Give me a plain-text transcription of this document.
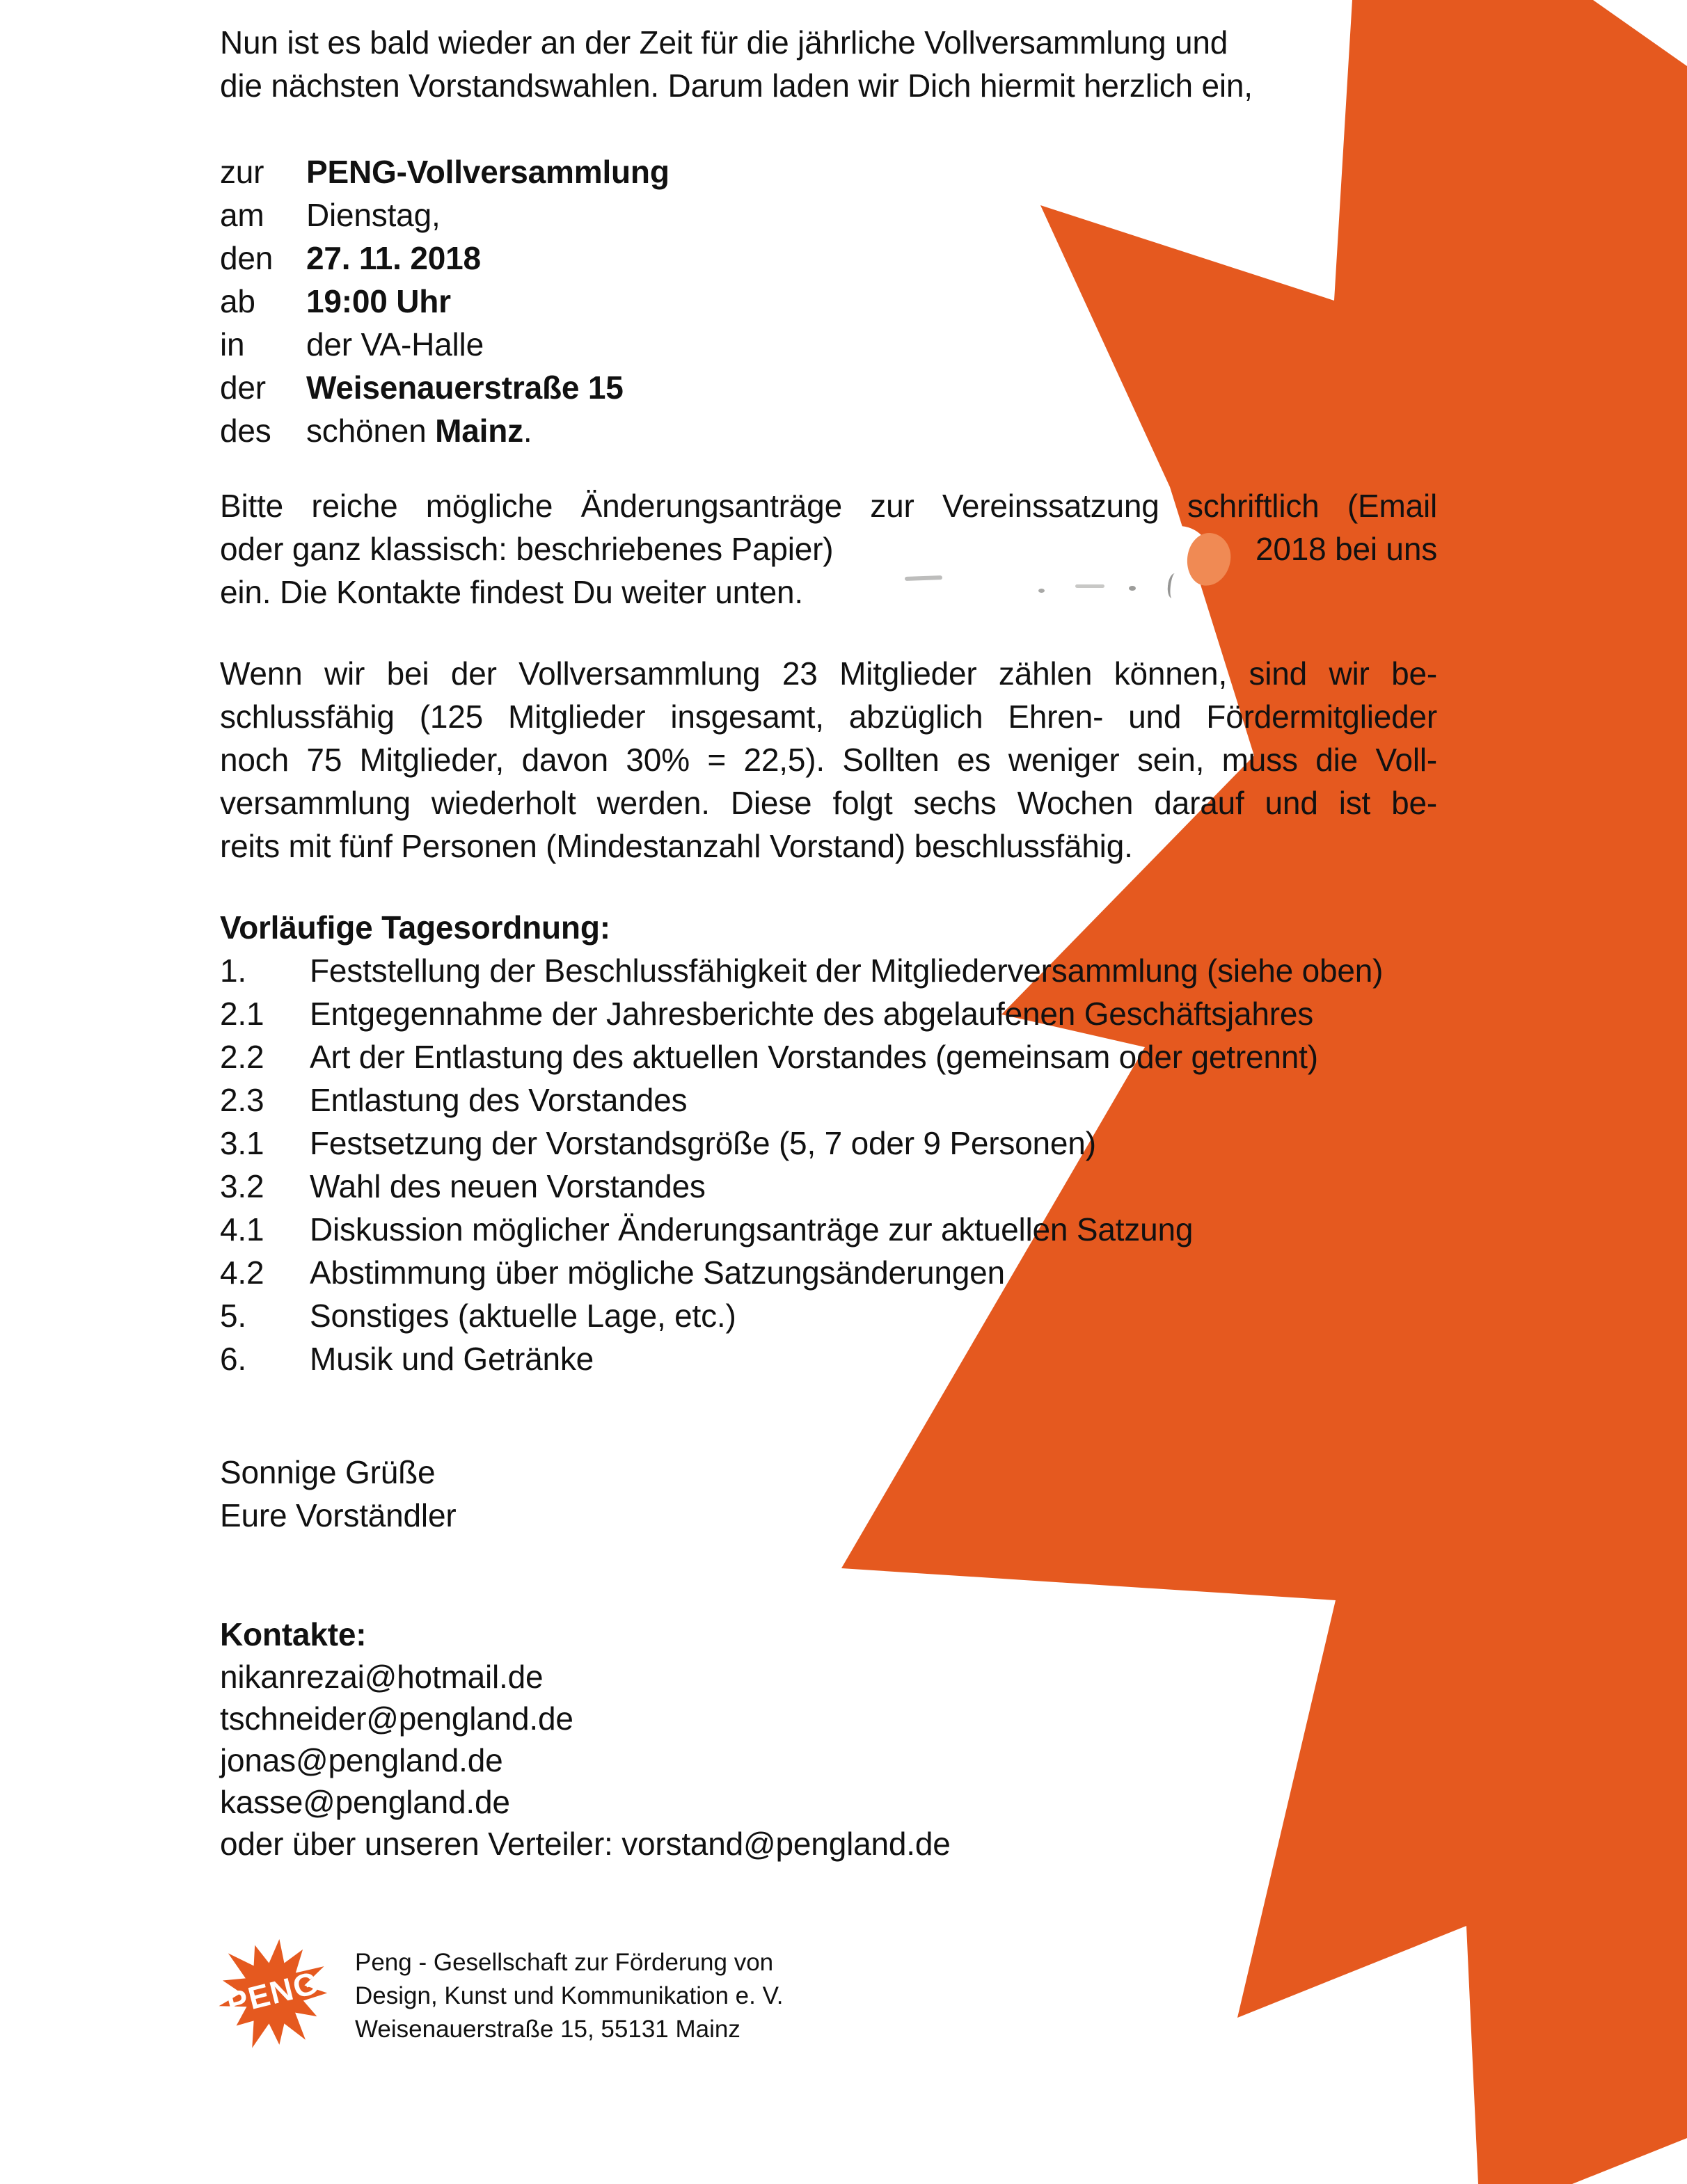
Nun ist es bald wieder an der Zeit für die jährliche Vollversammlung und
die nächsten Vorstandswahlen. Darum laden wir Dich hiermit herzlich ein,
zur	PENG-Vollversammlung
am	Dienstag,
den	27. 11. 2018
ab	19:00 Uhr
in	der VA-Halle
der	Weisenauerstraße 15
des	schönen Mainz.
Bitte reiche mögliche Änderungsanträge zur Vereinssatzung schriftlich (Email
oder ganz klassisch: beschriebenes Papier)	2018 bei uns
ein. Die Kontakte findest Du weiter unten.
Wenn wir bei der Vollversammlung 23 Mitglieder zählen können, sind wir be-
schlussfähig (125 Mitglieder insgesamt, abzüglich Ehren- und Fördermitglieder
noch 75 Mitglieder, davon 30% = 22,5). Sollten es weniger sein, muss die Voll-
versammlung wiederholt werden. Diese folgt sechs Wochen darauf und ist be-
reits mit fünf Personen (Mindestanzahl Vorstand) beschlussfähig.
Vorläufige Tagesordnung:
1.	Feststellung der Beschlussfähigkeit der Mitgliederversammlung (siehe oben)
2.1	Entgegennahme der Jahresberichte des abgelaufenen Geschäftsjahres
2.2	Art der Entlastung des aktuellen Vorstandes (gemeinsam oder getrennt)
2.3	Entlastung des Vorstandes
3.1	Festsetzung der Vorstandsgröße (5, 7 oder 9 Personen)
3.2	Wahl des neuen Vorstandes
4.1	Diskussion möglicher Änderungsanträge zur aktuellen Satzung
4.2	Abstimmung über mögliche Satzungsänderungen
5.	Sonstiges (aktuelle Lage, etc.)
6.	Musik und Getränke
Sonnige Grüße
Eure Vorständler
Kontakte:
nikanrezai@hotmail.de
tschneider@pengland.de
jonas@pengland.de
kasse@pengland.de
oder über unseren Verteiler: vorstand@pengland.de
PENG
Peng - Gesellschaft zur Förderung von
Design, Kunst und Kommunikation e. V.
Weisenauerstraße 15, 55131 Mainz
